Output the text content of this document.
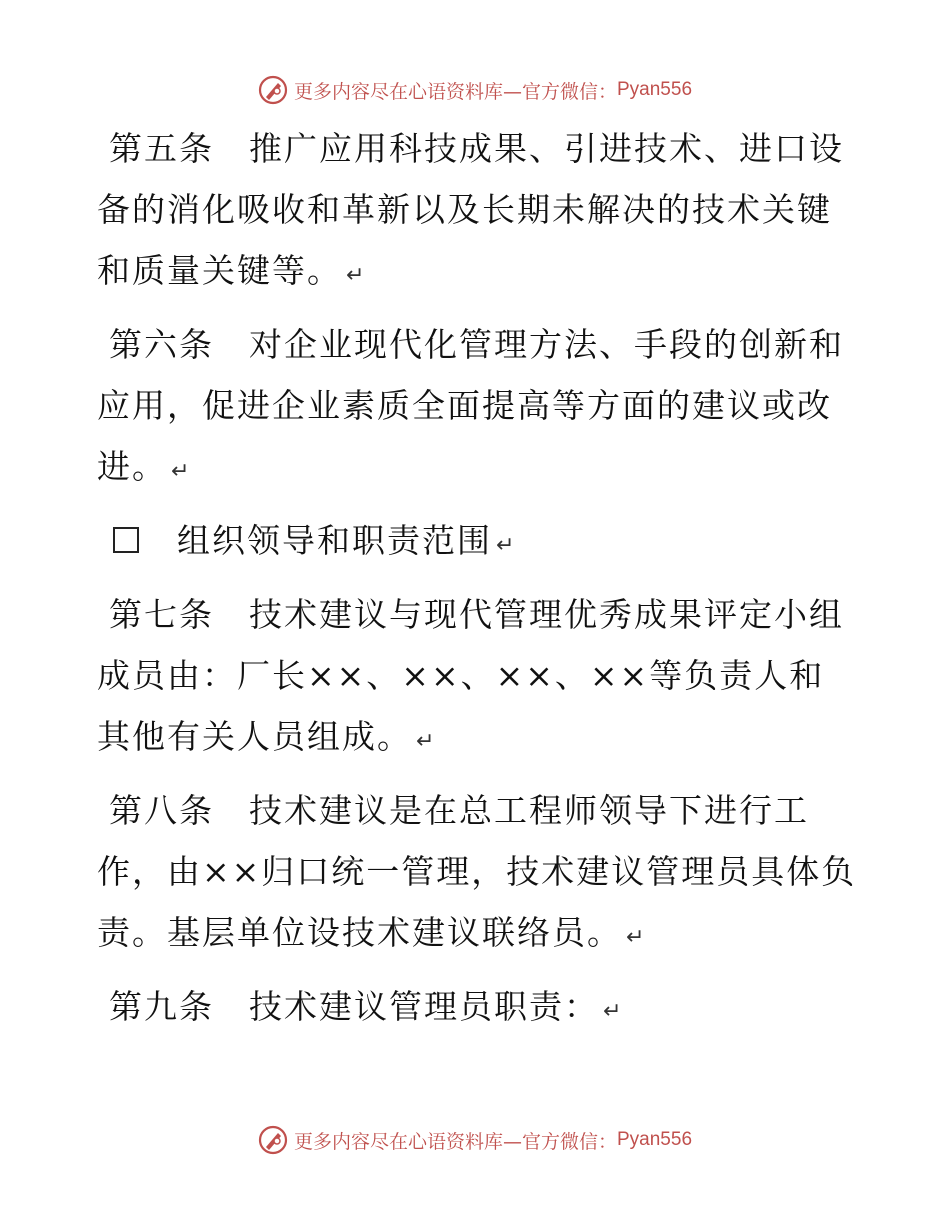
更多内容尽在心语资料库—官方微信： Pyan556

第五条　推广应用科技成果、引进技术、进口设备的消化吸收和革新以及长期未解决的技术关键和质量关键等。 ↵

第六条　对企业现代化管理方法、手段的创新和应用，促进企业素质全面提高等方面的建议或改进。 ↵

组织领导和职责范围 ↵

第七条　技术建议与现代管理优秀成果评定小组成员由：厂长××、××、××、××等负责人和其他有关人员组成。 ↵

第八条　技术建议是在总工程师领导下进行工作，由××归口统一管理，技术建议管理员具体负责。基层单位设技术建议联络员。 ↵

第九条　技术建议管理员职责： ↵

更多内容尽在心语资料库—官方微信： Pyan556
